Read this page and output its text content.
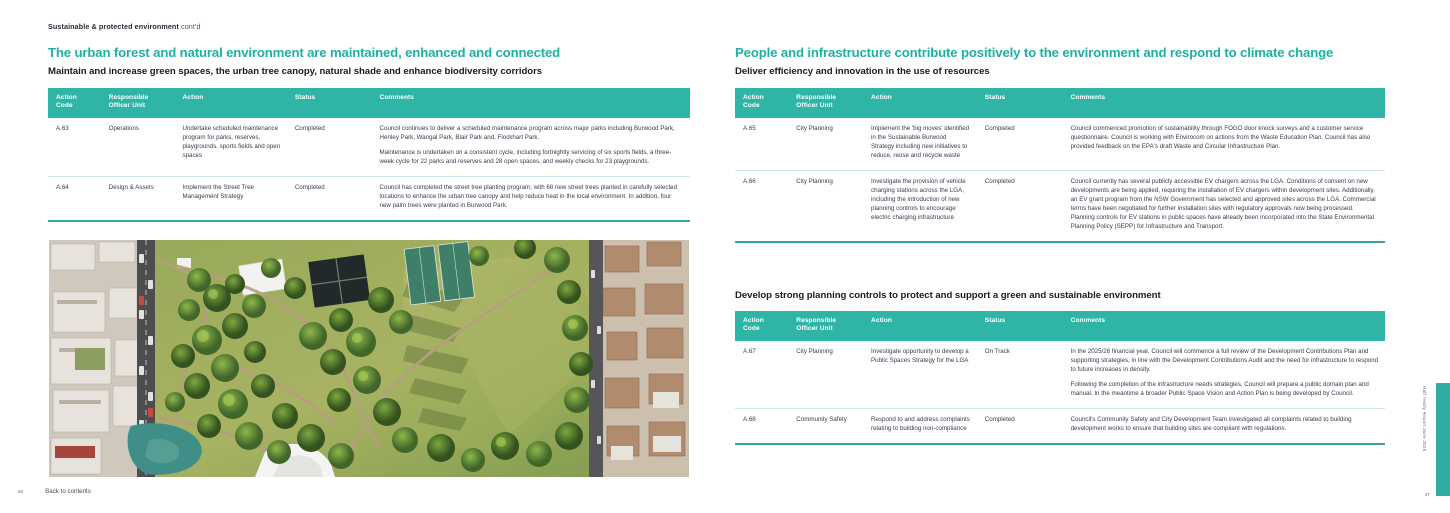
Sustainable & protected environment cont'd
The urban forest and natural environment are maintained, enhanced and connected
Maintain and increase green spaces, the urban tree canopy, natural shade and enhance biodiversity corridors
Action Code	Responsible Officer Unit	Action	Status	Comments
A.63	Operations	Undertake scheduled maintenance program for parks, reserves, playgrounds, sports fields and open spaces	Completed	Council continues to deliver a scheduled maintenance program across major parks including Burwood Park, Henley Park, Wangal Park, Blair Park and, Flockhart Park.

Maintenance is undertaken on a consistent cycle, including fortnightly servicing of six sports fields, a three-week cycle for 22 parks and reserves and 28 open spaces, and weekly checks for 23 playgrounds.

A.64	Design & Assets	Implement the Street Tree Management Strategy	Completed	Council has completed the street tree planting program, with 68 new street trees planted in carefully selected locations to enhance the urban tree canopy and help reduce heat in the local environment. In addition, four new palm trees were planted in Burwood Park.

46	Back to contents
People and infrastructure contribute positively to the environment and respond to climate change
Deliver efficiency and innovation in the use of resources
Action Code	Responsible Officer Unit	Action	Status	Comments
A.65	City Planning	Implement the 'big moves' identified in the Sustainable Burwood Strategy including new initiatives to reduce, reuse and recycle waste	Completed	Council commenced promotion of sustainability through FOGO door knock surveys and a customer service questionnaire. Council is working with Envirocom on actions from the Waste Education Plan. Council has also provided feedback on the EPA's draft Waste and Circular Infrastructure Plan.

A.66	City Planning	Investigate the provision of vehicle charging stations across the LGA, including the introduction of new planning controls to encourage electric charging infrastructure	Completed	Council currently has several publicly accessible EV chargers across the LGA. Conditions of consent on new developments are being applied, requiring the installation of EV chargers within development sites. Additionally, an EV grant program from the NSW Government has selected and approved sites across the LGA. Commercial terms have been negotiated for further installation sites with regulatory approvals now being processed. Planning controls for EV stations in public spaces have already been incorporated into the State Environmental Planning Policy (SEPP) for Infrastructure and Transport.

Develop strong planning controls to protect and support a green and sustainable environment
Action Code	Responsible Officer Unit	Action	Status	Comments
A.67	City Planning	Investigate opportunity to develop a Public Spaces Strategy for the LGA	On Track	In the 2025/26 financial year, Council will commence a full review of the Development Contributions Plan and supporting strategies, in line with the Development Contributions Audit and the need for infrastructure to respond to future increases in density.

Following the completion of the infrastructure needs strategies, Council will prepare a public domain plan and manual. In the meantime a broader Public Space Vision and Action Plan is being developed by Council.

A.68	Community Safety	Respond to and address complaints relating to building non-compliance	Completed	Council's Community Safety and City Development Team investigated all complaints related to building development works to ensure that building sites are compliant with regulations.	Half Yearly Report June 2025
47
